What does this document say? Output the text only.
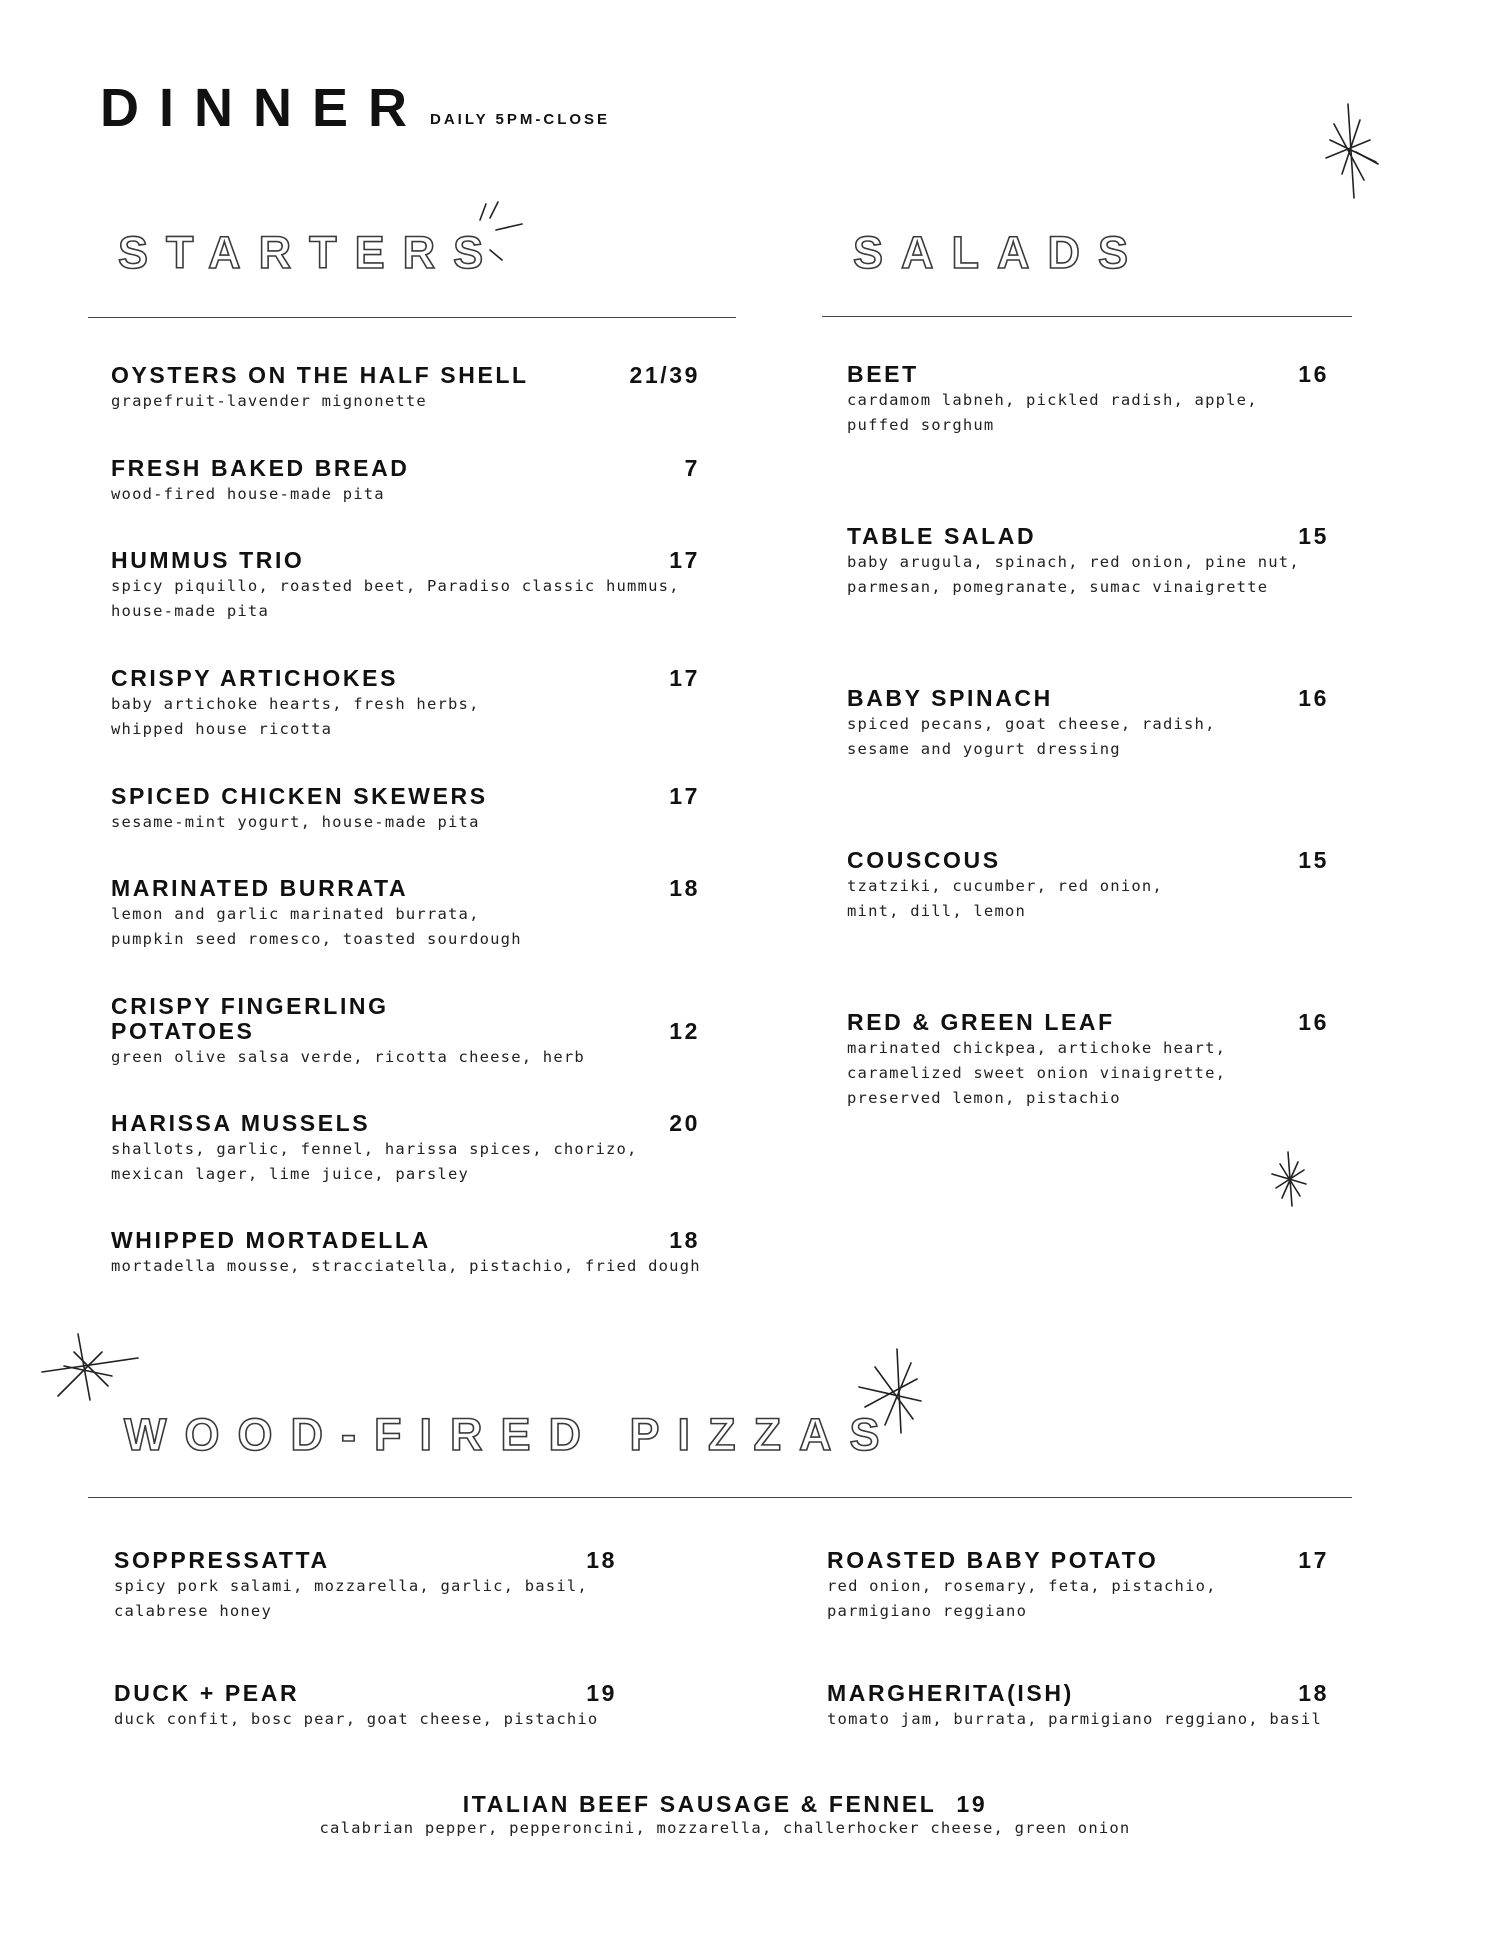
DINNER DAILY 5PM-CLOSE
STARTERS	SALADS
WOOD-FIRED PIZZAS
OYSTERS ON THE HALF SHELL	21/39
grapefruit-lavender mignonette
FRESH BAKED BREAD	7
wood-fired house-made pita
HUMMUS TRIO	17
spicy piquillo, roasted beet, Paradiso classic hummus,
house-made pita
CRISPY ARTICHOKES	17
baby artichoke hearts, fresh herbs,
whipped house ricotta
SPICED CHICKEN SKEWERS	17
sesame-mint yogurt, house-made pita
MARINATED BURRATA	18
lemon and garlic marinated burrata,
pumpkin seed romesco, toasted sourdough
CRISPY FINGERLING
POTATOES	12
green olive salsa verde, ricotta cheese, herb
HARISSA MUSSELS	20
shallots, garlic, fennel, harissa spices, chorizo,
mexican lager, lime juice, parsley
WHIPPED MORTADELLA	18
mortadella mousse, stracciatella, pistachio, fried dough
BEET	16
cardamom labneh, pickled radish, apple,
puffed sorghum
TABLE SALAD	15
baby arugula, spinach, red onion, pine nut,
parmesan, pomegranate, sumac vinaigrette
BABY SPINACH	16
spiced pecans, goat cheese, radish,
sesame and yogurt dressing
COUSCOUS	15
tzatziki, cucumber, red onion,
mint, dill, lemon
RED & GREEN LEAF	16
marinated chickpea, artichoke heart,
caramelized sweet onion vinaigrette,
preserved lemon, pistachio
SOPPRESSATTA	18
spicy pork salami, mozzarella, garlic, basil,
calabrese honey
ROASTED BABY POTATO	17
red onion, rosemary, feta, pistachio,
parmigiano reggiano
DUCK + PEAR	19
duck confit, bosc pear, goat cheese, pistachio
MARGHERITA(ISH)	18
tomato jam, burrata, parmigiano reggiano, basil
ITALIAN BEEF SAUSAGE & FENNEL 19
calabrian pepper, pepperoncini, mozzarella, challerhocker cheese, green onion
